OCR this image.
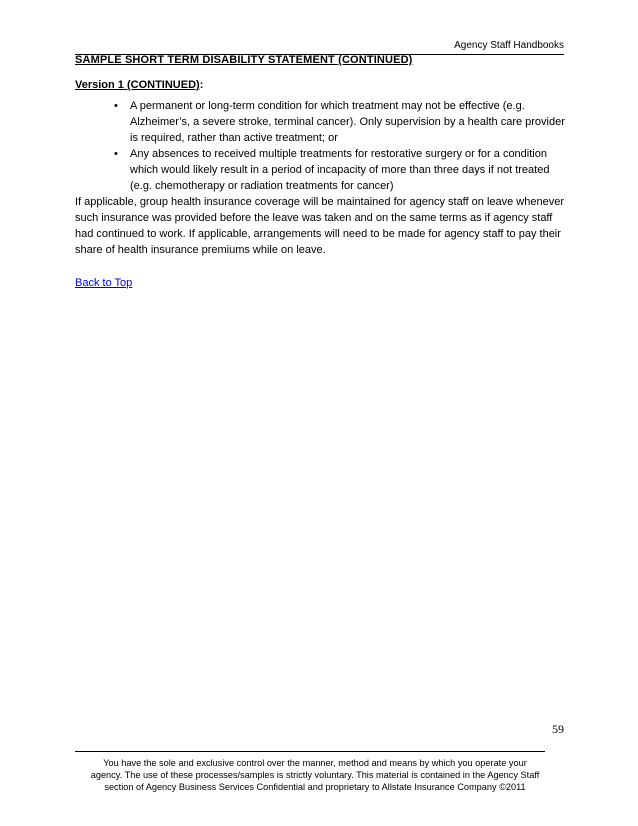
Agency Staff Handbooks
SAMPLE SHORT TERM DISABILITY STATEMENT (CONTINUED)
Version 1 (CONTINUED):
• A permanent or long-term condition for which treatment may not be effective (e.g. Alzheimer’s, a severe stroke, terminal cancer). Only supervision by a health care provider is required, rather than active treatment; or
• Any absences to received multiple treatments for restorative surgery or for a condition which would likely result in a period of incapacity of more than three days if not treated (e.g. chemotherapy or radiation treatments for cancer)

If applicable, group health insurance coverage will be maintained for agency staff on leave whenever such insurance was provided before the leave was taken and on the same terms as if agency staff had continued to work. If applicable, arrangements will need to be made for agency staff to pay their share of health insurance premiums while on leave.

Back to Top
59
You have the sole and exclusive control over the manner, method and means by which you operate your
agency. The use of these processes/samples is strictly voluntary. This material is contained in the Agency Staff
section of Agency Business Services Confidential and proprietary to Allstate Insurance Company ©2011
